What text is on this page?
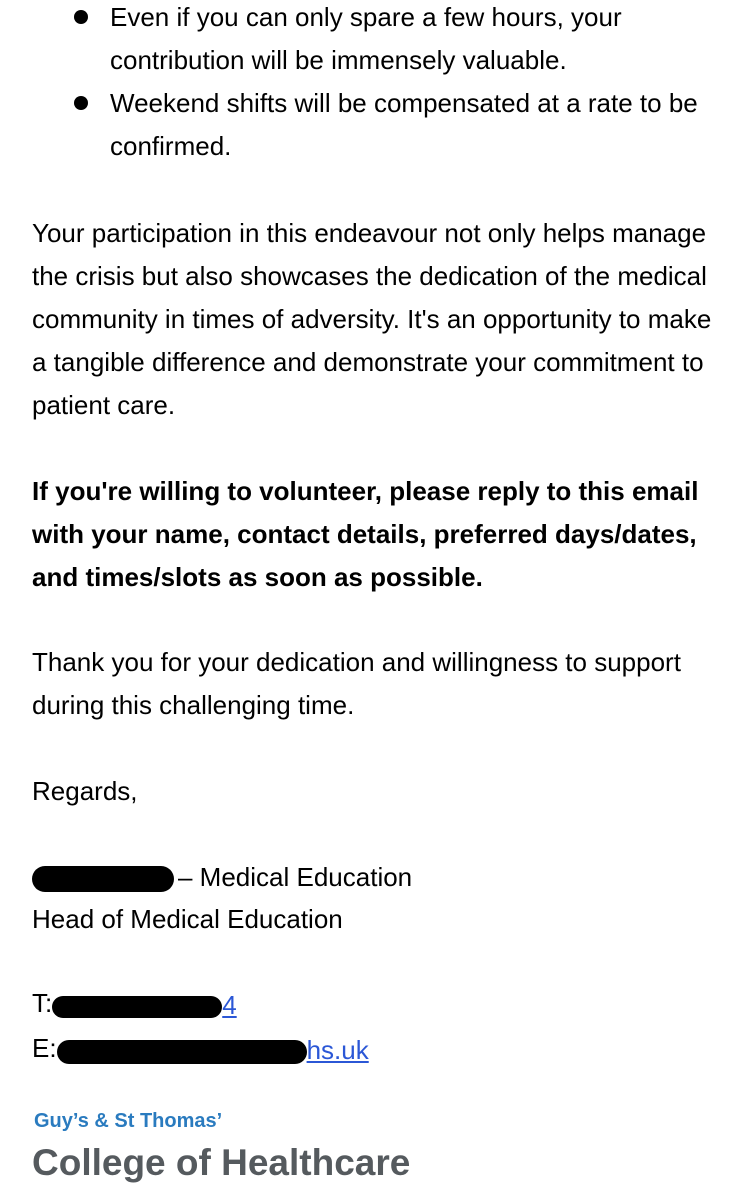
Even if you can only spare a few hours, your contribution will be immensely valuable.
Weekend shifts will be compensated at a rate to be confirmed.

Your participation in this endeavour not only helps manage the crisis but also showcases the dedication of the medical community in times of adversity. It's an opportunity to make a tangible difference and demonstrate your commitment to patient care.

If you're willing to volunteer, please reply to this email with your name, contact details, preferred days/dates, and times/slots as soon as possible.

Thank you for your dedication and willingness to support during this challenging time.

Regards,

– Medical Education

Head of Medical Education

T:	4

E:	hs.uk

Guy’s & St Thomas’
College of Healthcare
